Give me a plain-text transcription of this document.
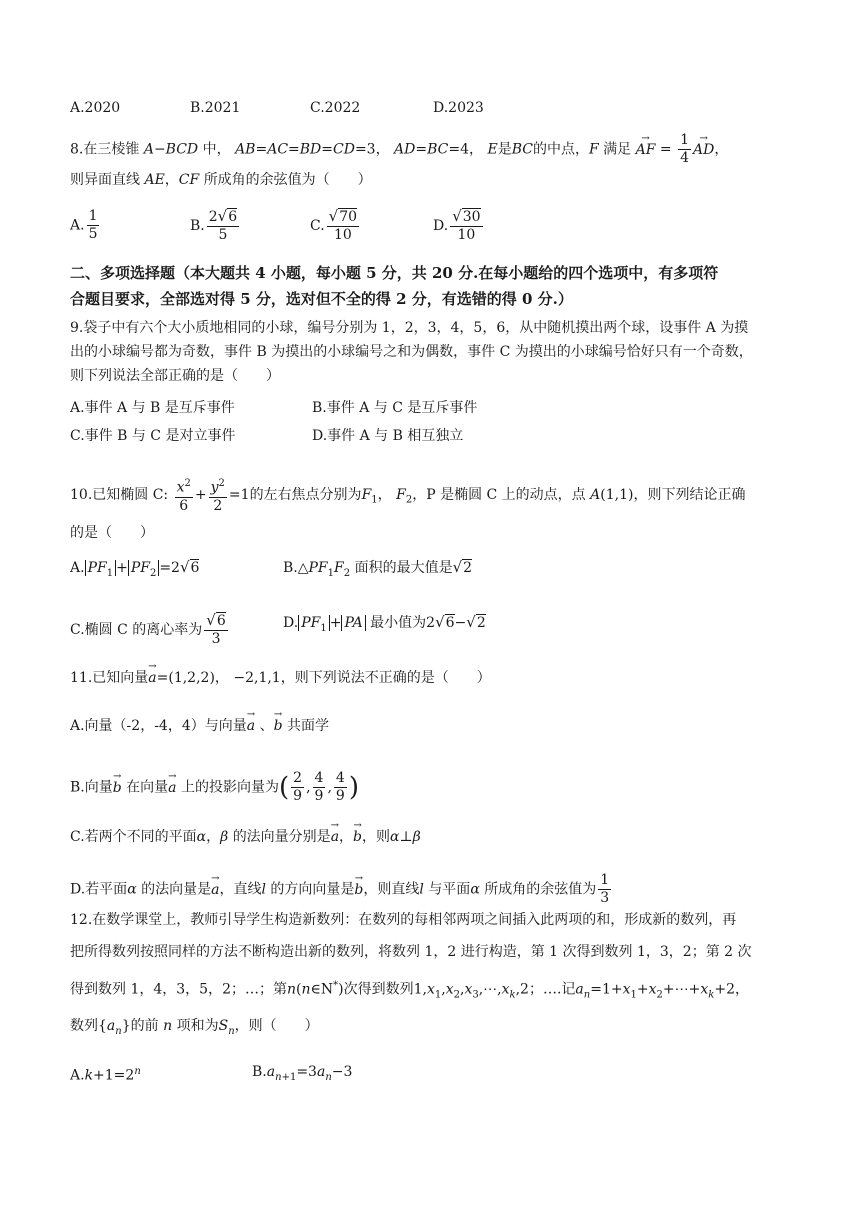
A.2020	B.2021	C.2022	D.2023
8.在三棱锥 A−BCD 中， AB=AC=BD=CD=3， AD=BC=4， E是BC的中点，F 满足 → AF = $\frac{1}{4}$ → AD，
则异面直线 AE，CF 所成角的余弦值为（　　）
A. $\frac{1}{5}$	B. $\frac{2√6}{5}$	C. $\frac{√70}{10}$	D. $\frac{√30}{10}$
二、多项选择题（本大题共 4 小题，每小题 5 分，共 20 分.在每小题给的四个选项中，有多项符
合题目要求，全部选对得 5 分，选对但不全的得 2 分，有选错的得 0 分.）
9.袋子中有六个大小质地相同的小球，编号分别为 1，2，3，4，5，6，从中随机摸出两个球，设事件 A 为摸
出的小球编号都为奇数，事件 B 为摸出的小球编号之和为偶数，事件 C 为摸出的小球编号恰好只有一个奇数，
则下列说法全部正确的是（　　）
A.事件 A 与 B 是互斥事件	B.事件 A 与 C 是互斥事件
C.事件 B 与 C 是对立事件	D.事件 A 与 B 相互独立
10.已知椭圆 C: $\frac{x^2}{6} + \frac{y^2}{2} =1$的左右焦点分别为$F_1$， $F_2$，P 是椭圆 C 上的动点，点 A(1,1)，则下列结论正确
的是（　　）
A. $PF_1 + PF_2 =2√6$	$B.\triangle PF_1F_2$ 面积的最大值是√2
C.椭圆 C 的离心率为 $\frac{√6}{3}$	D. $PF_1$ + PA 最小值为2√6−√2
11.已知向量→ a=(1,2,2)， −2,1,1，则下列说法不正确的是（　　）
A.向量（-2，-4，4）与向量→ a 、→ b 共面学
B.向量→ b 在向量→ a 上的投影向量为( $\frac{2}{9}$ , $\frac{4}{9}$ , $\frac{4}{9}$ )
C.若两个不同的平面α，β 的法向量分别是→ a，→ b，则α⊥β
D.若平面α 的法向量是→ a，直线l 的方向向量是→ b，则直线l 与平面α 所成角的余弦值为 $\frac{1}{3}$
12.在数学课堂上，教师引导学生构造新数列：在数列的每相邻两项之间插入此两项的和，形成新的数列，再
把所得数列按照同样的方法不断构造出新的数列，将数列 1，2 进行构造，第 1 次得到数列 1，3，2；第 2 次
得到数列 1，4，3，5，2；…；第n(n∈N*)次得到数列$1,x_1,x_2,x_3,\cdots,x_k,2$；….记$a_n=1+x_1+x_2+\cdots+x_k+2$，
数列$\{a_n\}$的前 n 项和为$S_n$，则（　　）
$A.k+1=2^n$	$B.a_{n+1}=3a_n-3$
